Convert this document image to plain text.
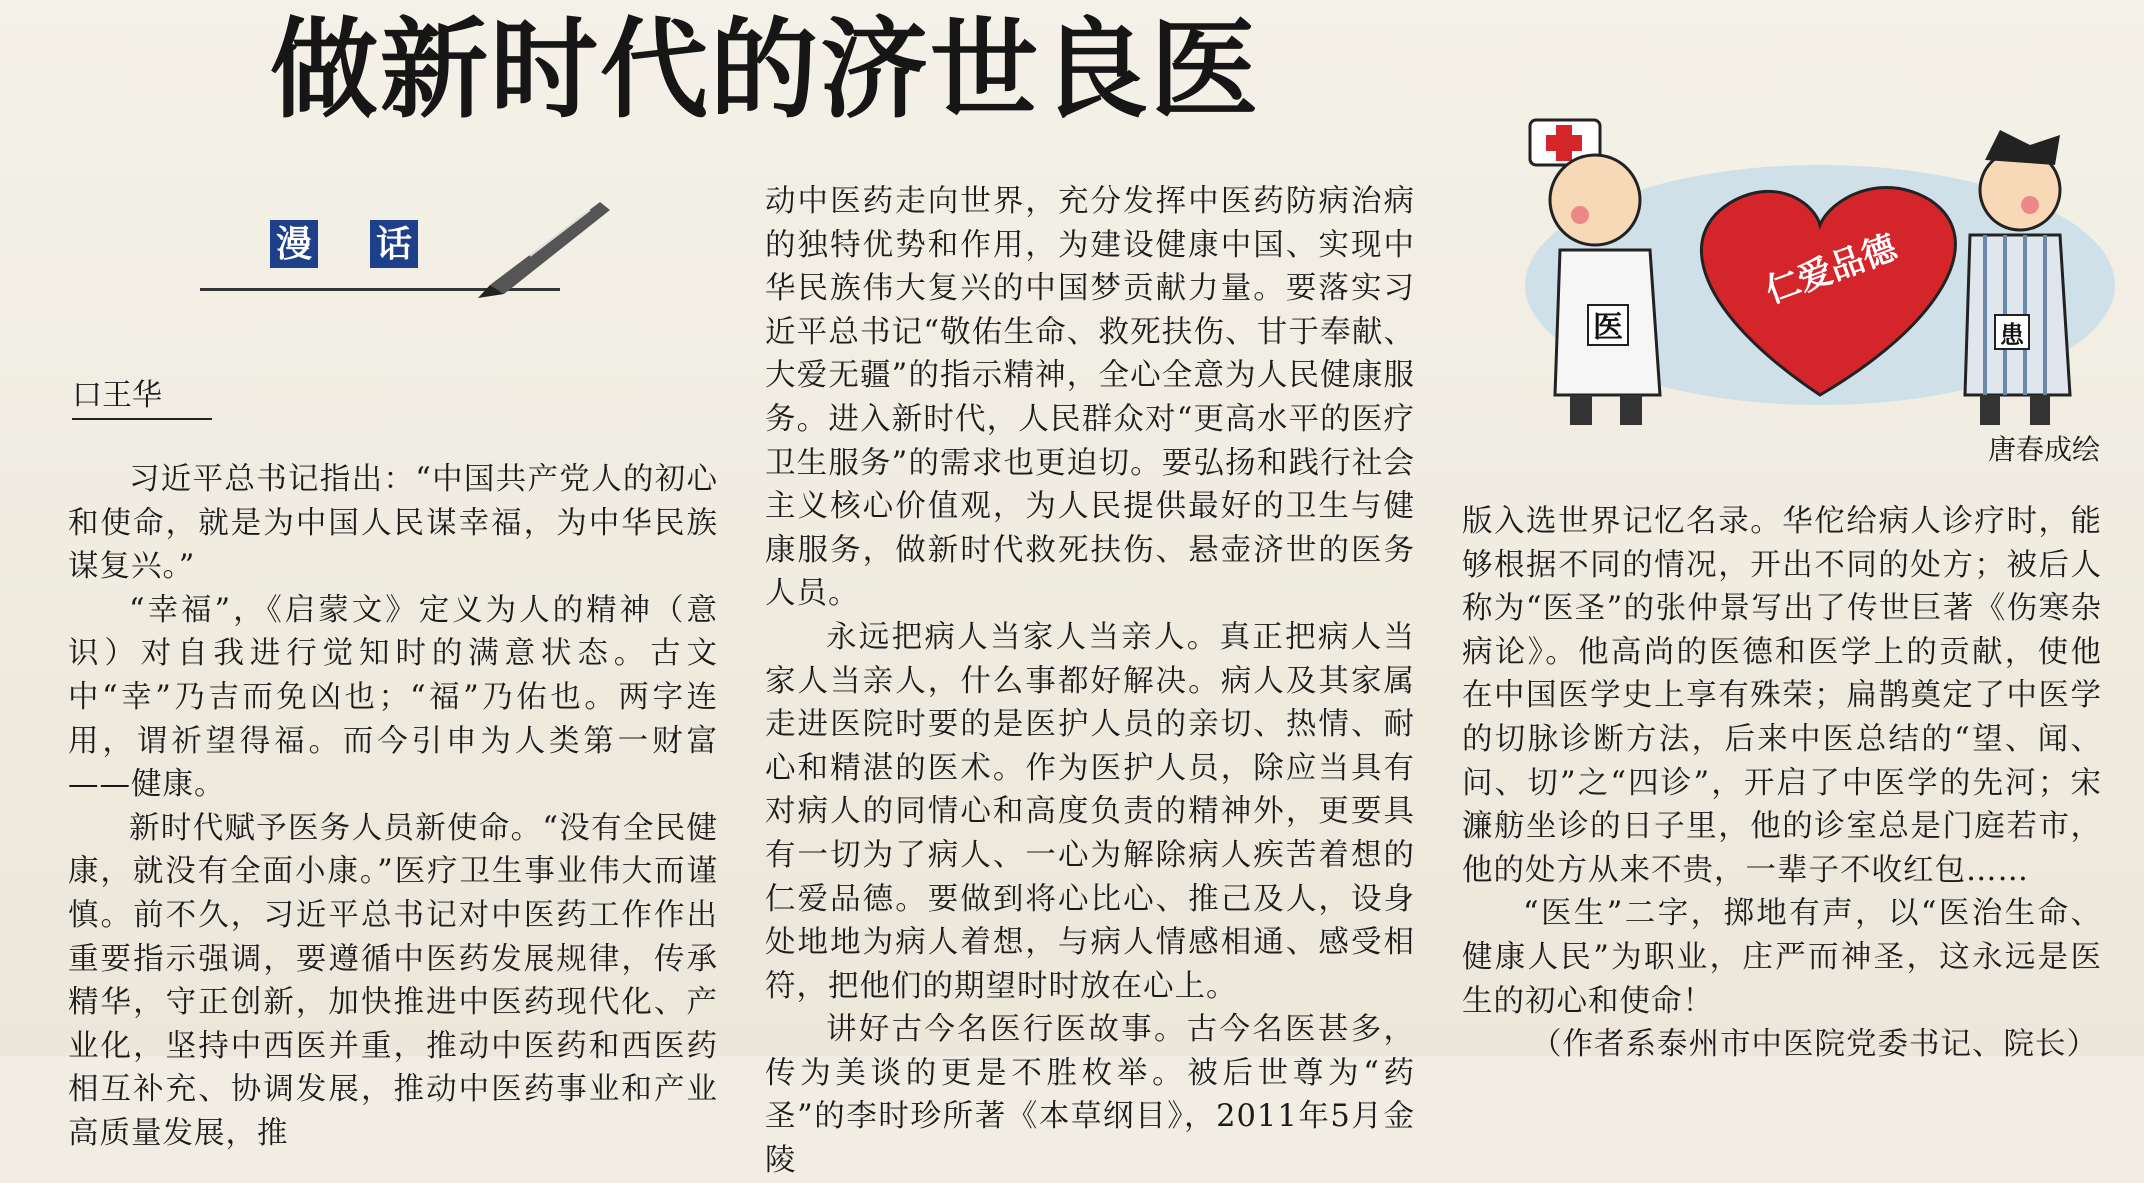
做新时代的济世良医
漫 话
口王华

习近平总书记指出：“中国共产党人的初心和使命，就是为中国人民谋幸福，为中华民族谋复兴。”

“幸福”，《启蒙文》定义为人的精神（意识）对自我进行觉知时的满意状态。古文中“幸”乃吉而免凶也；“福”乃佑也。两字连用，谓祈望得福。而今引申为人类第一财富——健康。

新时代赋予医务人员新使命。“没有全民健康，就没有全面小康。”医疗卫生事业伟大而谨慎。前不久，习近平总书记对中医药工作作出重要指示强调，要遵循中医药发展规律，传承精华，守正创新，加快推进中医药现代化、产业化，坚持中西医并重，推动中医药和西医药相互补充、协调发展，推动中医药事业和产业高质量发展，推

动中医药走向世界，充分发挥中医药防病治病的独特优势和作用，为建设健康中国、实现中华民族伟大复兴的中国梦贡献力量。要落实习近平总书记“敬佑生命、救死扶伤、甘于奉献、大爱无疆”的指示精神，全心全意为人民健康服务。进入新时代，人民群众对“更高水平的医疗卫生服务”的需求也更迫切。要弘扬和践行社会主义核心价值观，为人民提供最好的卫生与健康服务，做新时代救死扶伤、悬壶济世的医务人员。

永远把病人当家人当亲人。真正把病人当家人当亲人，什么事都好解决。病人及其家属走进医院时要的是医护人员的亲切、热情、耐心和精湛的医术。作为医护人员，除应当具有对病人的同情心和高度负责的精神外，更要具有一切为了病人、一心为解除病人疾苦着想的仁爱品德。要做到将心比心、推己及人，设身处地地为病人着想，与病人情感相通、感受相符，把他们的期望时时放在心上。

讲好古今名医行医故事。古今名医甚多，传为美谈的更是不胜枚举。被后世尊为“药圣”的李时珍所著《本草纲目》，2011年5月金陵

版入选世界记忆名录。华佗给病人诊疗时，能够根据不同的情况，开出不同的处方；被后人称为“医圣”的张仲景写出了传世巨著《伤寒杂病论》。他高尚的医德和医学上的贡献，使他在中国医学史上享有殊荣；扁鹊奠定了中医学的切脉诊断方法，后来中医总结的“望、闻、问、切”之“四诊”，开启了中医学的先河；宋濂舫坐诊的日子里，他的诊室总是门庭若市，他的处方从来不贵，一辈子不收红包……

“医生”二字，掷地有声，以“医治生命、健康人民”为职业，庄严而神圣，这永远是医生的初心和使命！

（作者系泰州市中医院党委书记、院长）

医
仁爱品德
患
唐春成绘
